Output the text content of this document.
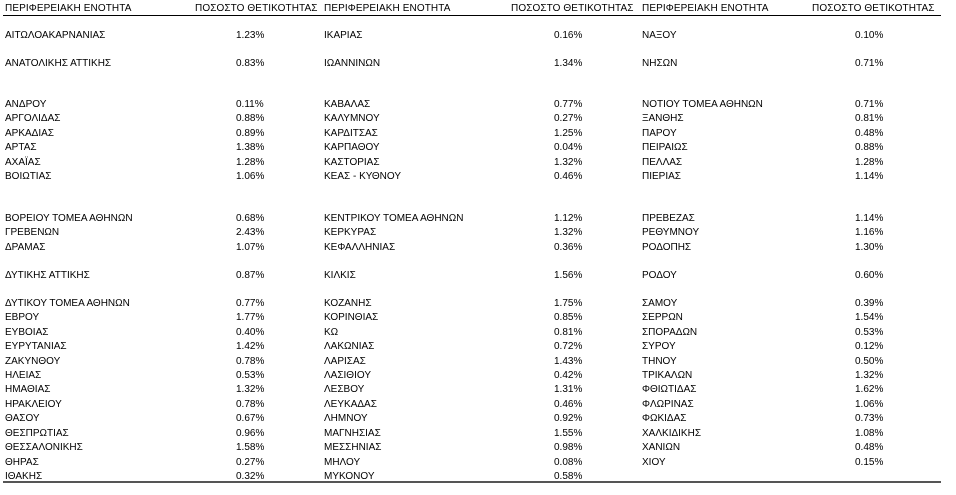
ΠΕΡΙΦΕΡΕΙΑΚΗ ΕΝΟΤΗΤΑ	ΠΟΣΟΣΤΟ ΘΕΤΙΚΟΤΗΤΑΣ ΠΕΡΙΦΕΡΕΙΑΚΗ ΕΝΟΤΗΤΑ	ΠΟΣΟΣΤΟ ΘΕΤΙΚΟΤΗΤΑΣ ΠΕΡΙΦΕΡΕΙΑΚΗ ΕΝΟΤΗΤΑ	ΠΟΣΟΣΤΟ ΘΕΤΙΚΟΤΗΤΑΣ
ΑΙΤΩΛΟΑΚΑΡΝΑΝΙΑΣ	1.23%
ΑΝΑΤΟΛΙΚΗΣ ΑΤΤΙΚΗΣ	0.83%
ΑΝΔΡΟΥ	0.11%
ΑΡΓΟΛΙΔΑΣ	0.88%
ΑΡΚΑΔΙΑΣ	0.89%
ΑΡΤΑΣ	1.38%
ΑΧΑΪΑΣ	1.28%
ΒΟΙΩΤΙΑΣ	1.06%
ΒΟΡΕΙΟΥ ΤΟΜΕΑ ΑΘΗΝΩΝ	0.68%
ΓΡΕΒΕΝΩΝ	2.43%
ΔΡΑΜΑΣ	1.07%
ΔΥΤΙΚΗΣ ΑΤΤΙΚΗΣ	0.87%
ΔΥΤΙΚΟΥ ΤΟΜΕΑ ΑΘΗΝΩΝ	0.77%
ΕΒΡΟΥ	1.77%
ΕΥΒΟΙΑΣ	0.40%
ΕΥΡΥΤΑΝΙΑΣ	1.42%
ΖΑΚΥΝΘΟΥ	0.78%
ΗΛΕΙΑΣ	0.53%
ΗΜΑΘΙΑΣ	1.32%
ΗΡΑΚΛΕΙΟΥ	0.78%
ΘΑΣΟΥ	0.67%
ΘΕΣΠΡΩΤΙΑΣ	0.96%
ΘΕΣΣΑΛΟΝΙΚΗΣ	1.58%
ΘΗΡΑΣ	0.27%
ΙΘΑΚΗΣ	0.32%
ΙΚΑΡΙΑΣ	0.16%
ΙΩΑΝΝΙΝΩΝ	1.34%
ΚΑΒΑΛΑΣ	0.77%
ΚΑΛΥΜΝΟΥ	0.27%
ΚΑΡΔΙΤΣΑΣ	1.25%
ΚΑΡΠΑΘΟΥ	0.04%
ΚΑΣΤΟΡΙΑΣ	1.32%
ΚΕΑΣ - ΚΥΘΝΟΥ	0.46%
ΚΕΝΤΡΙΚΟΥ ΤΟΜΕΑ ΑΘΗΝΩΝ	1.12%
ΚΕΡΚΥΡΑΣ	1.32%
ΚΕΦΑΛΛΗΝΙΑΣ	0.36%
ΚΙΛΚΙΣ	1.56%
ΚΟΖΑΝΗΣ	1.75%
ΚΟΡΙΝΘΙΑΣ	0.85%
ΚΩ	0.81%
ΛΑΚΩΝΙΑΣ	0.72%
ΛΑΡΙΣΑΣ	1.43%
ΛΑΣΙΘΙΟΥ	0.42%
ΛΕΣΒΟΥ	1.31%
ΛΕΥΚΑΔΑΣ	0.46%
ΛΗΜΝΟΥ	0.92%
ΜΑΓΝΗΣΙΑΣ	1.55%
ΜΕΣΣΗΝΙΑΣ	0.98%
ΜΗΛΟΥ	0.08%
ΜΥΚΟΝΟΥ	0.58%
ΝΑΞΟΥ	0.10%
ΝΗΣΩΝ	0.71%
ΝΟΤΙΟΥ ΤΟΜΕΑ ΑΘΗΝΩΝ	0.71%
ΞΑΝΘΗΣ	0.81%
ΠΑΡΟΥ	0.48%
ΠΕΙΡΑΙΩΣ	0.88%
ΠΕΛΛΑΣ	1.28%
ΠΙΕΡΙΑΣ	1.14%
ΠΡΕΒΕΖΑΣ	1.14%
ΡΕΘΥΜΝΟΥ	1.16%
ΡΟΔΟΠΗΣ	1.30%
ΡΟΔΟΥ	0.60%
ΣΑΜΟΥ	0.39%
ΣΕΡΡΩΝ	1.54%
ΣΠΟΡΑΔΩΝ	0.53%
ΣΥΡΟΥ	0.12%
ΤΗΝΟΥ	0.50%
ΤΡΙΚΑΛΩΝ	1.32%
ΦΘΙΩΤΙΔΑΣ	1.62%
ΦΛΩΡΙΝΑΣ	1.06%
ΦΩΚΙΔΑΣ	0.73%
ΧΑΛΚΙΔΙΚΗΣ	1.08%
ΧΑΝΙΩΝ	0.48%
ΧΙΟΥ	0.15%
